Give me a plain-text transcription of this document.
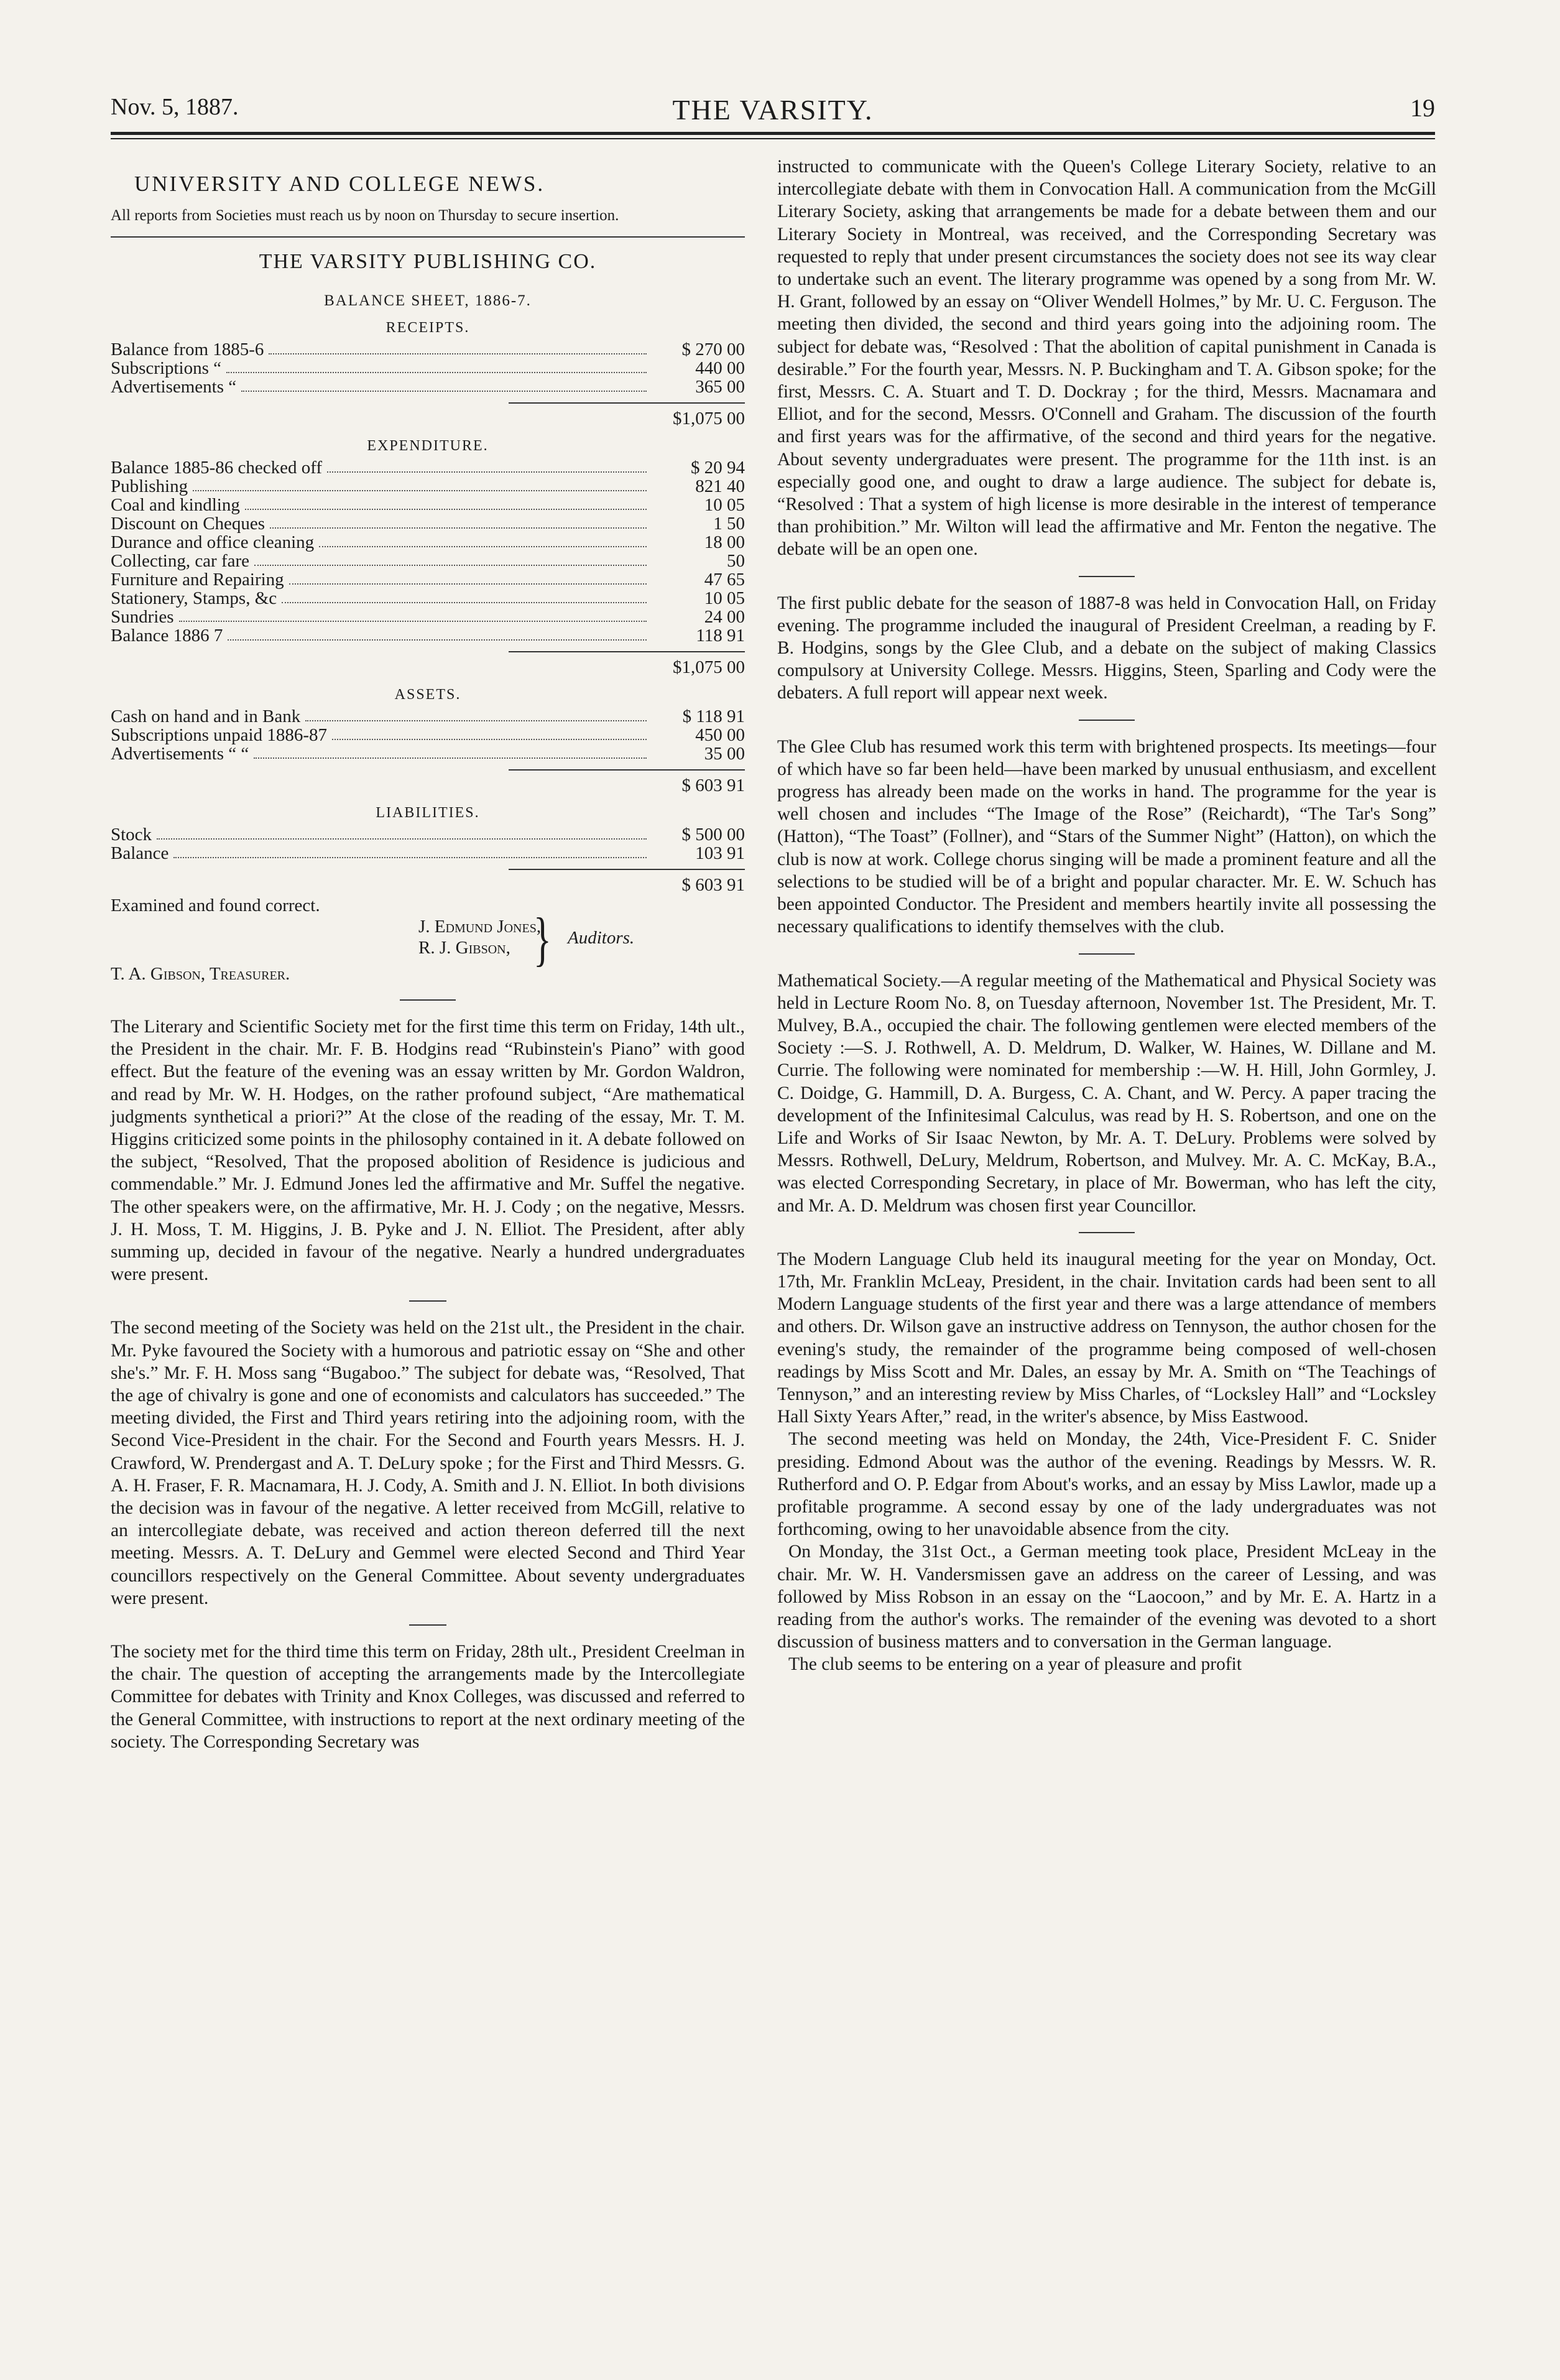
Nov. 5, 1887.	THE VARSITY.	19
UNIVERSITY AND COLLEGE NEWS.

All reports from Societies must reach us by noon on Thursday to secure insertion.

THE VARSITY PUBLISHING CO.
BALANCE SHEET, 1886-7.
RECEIPTS.
Balance from 1885-6	$ 270 00
Subscriptions “	440 00
Advertisements “	365 00
$1,075 00
EXPENDITURE.
Balance 1885-86 checked off	$ 20 94
Publishing	821 40
Coal and kindling	10 05
Discount on Cheques	1 50
Durance and office cleaning	18 00
Collecting, car fare	50
Furniture and Repairing	47 65
Stationery, Stamps, &c	10 05
Sundries	24 00
Balance 1886 7	118 91
$1,075 00
ASSETS.
Cash on hand and in Bank	$ 118 91
Subscriptions unpaid 1886-87	450 00
Advertisements “ “	35 00
$ 603 91
LIABILITIES.
Stock	$ 500 00
Balance	103 91
$ 603 91
Examined and found correct.
J. Edmund Jones,
R. J. Gibson, } Auditors.
T. A. Gibson, Treasurer.

The Literary and Scientific Society met for the first time this term on Friday, 14th ult., the President in the chair. Mr. F. B. Hodgins read “Rubinstein's Piano” with good effect. But the feature of the evening was an essay written by Mr. Gordon Waldron, and read by Mr. W. H. Hodges, on the rather profound subject, “Are mathematical judgments synthetical a priori?” At the close of the reading of the essay, Mr. T. M. Higgins criticized some points in the philosophy contained in it. A debate followed on the subject, “Resolved, That the proposed abolition of Residence is judicious and commendable.” Mr. J. Edmund Jones led the affirmative and Mr. Suffel the negative. The other speakers were, on the affirmative, Mr. H. J. Cody ; on the negative, Messrs. J. H. Moss, T. M. Higgins, J. B. Pyke and J. N. Elliot. The President, after ably summing up, decided in favour of the negative. Nearly a hundred undergraduates were present.

The second meeting of the Society was held on the 21st ult., the President in the chair. Mr. Pyke favoured the Society with a humorous and patriotic essay on “She and other she's.” Mr. F. H. Moss sang “Bugaboo.” The subject for debate was, “Resolved, That the age of chivalry is gone and one of economists and calculators has succeeded.” The meeting divided, the First and Third years retiring into the adjoining room, with the Second Vice-President in the chair. For the Second and Fourth years Messrs. H. J. Crawford, W. Prendergast and A. T. DeLury spoke ; for the First and Third Messrs. G. A. H. Fraser, F. R. Macnamara, H. J. Cody, A. Smith and J. N. Elliot. In both divisions the decision was in favour of the negative. A letter received from McGill, relative to an intercollegiate debate, was received and action thereon deferred till the next meeting. Messrs. A. T. DeLury and Gemmel were elected Second and Third Year councillors respectively on the General Committee. About seventy undergraduates were present.

The society met for the third time this term on Friday, 28th ult., President Creelman in the chair. The question of accepting the arrangements made by the Intercollegiate Committee for debates with Trinity and Knox Colleges, was discussed and referred to the General Committee, with instructions to report at the next ordinary meeting of the society. The Corresponding Secretary was

instructed to communicate with the Queen's College Literary Society, relative to an intercollegiate debate with them in Convocation Hall. A communication from the McGill Literary Society, asking that arrangements be made for a debate between them and our Literary Society in Montreal, was received, and the Corresponding Secretary was requested to reply that under present circumstances the society does not see its way clear to undertake such an event. The literary programme was opened by a song from Mr. W. H. Grant, followed by an essay on “Oliver Wendell Holmes,” by Mr. U. C. Ferguson. The meeting then divided, the second and third years going into the adjoining room. The subject for debate was, “Resolved : That the abolition of capital punishment in Canada is desirable.” For the fourth year, Messrs. N. P. Buckingham and T. A. Gibson spoke; for the first, Messrs. C. A. Stuart and T. D. Dockray ; for the third, Messrs. Macnamara and Elliot, and for the second, Messrs. O'Connell and Graham. The discussion of the fourth and first years was for the affirmative, of the second and third years for the negative. About seventy undergraduates were present. The programme for the 11th inst. is an especially good one, and ought to draw a large audience. The subject for debate is, “Resolved : That a system of high license is more desirable in the interest of temperance than prohibition.” Mr. Wilton will lead the affirmative and Mr. Fenton the negative. The debate will be an open one.

The first public debate for the season of 1887-8 was held in Convocation Hall, on Friday evening. The programme included the inaugural of President Creelman, a reading by F. B. Hodgins, songs by the Glee Club, and a debate on the subject of making Classics compulsory at University College. Messrs. Higgins, Steen, Sparling and Cody were the debaters. A full report will appear next week.

The Glee Club has resumed work this term with brightened prospects. Its meetings—four of which have so far been held—have been marked by unusual enthusiasm, and excellent progress has already been made on the works in hand. The programme for the year is well chosen and includes “The Image of the Rose” (Reichardt), “The Tar's Song” (Hatton), “The Toast” (Follner), and “Stars of the Summer Night” (Hatton), on which the club is now at work. College chorus singing will be made a prominent feature and all the selections to be studied will be of a bright and popular character. Mr. E. W. Schuch has been appointed Conductor. The President and members heartily invite all possessing the necessary qualifications to identify themselves with the club.

Mathematical Society.—A regular meeting of the Mathematical and Physical Society was held in Lecture Room No. 8, on Tuesday afternoon, November 1st. The President, Mr. T. Mulvey, B.A., occupied the chair. The following gentlemen were elected members of the Society :—S. J. Rothwell, A. D. Meldrum, D. Walker, W. Haines, W. Dillane and M. Currie. The following were nominated for membership :—W. H. Hill, John Gormley, J. C. Doidge, G. Hammill, D. A. Burgess, C. A. Chant, and W. Percy. A paper tracing the development of the Infinitesimal Calculus, was read by H. S. Robertson, and one on the Life and Works of Sir Isaac Newton, by Mr. A. T. DeLury. Problems were solved by Messrs. Rothwell, DeLury, Meldrum, Robertson, and Mulvey. Mr. A. C. McKay, B.A., was elected Corresponding Secretary, in place of Mr. Bowerman, who has left the city, and Mr. A. D. Meldrum was chosen first year Councillor.

The Modern Language Club held its inaugural meeting for the year on Monday, Oct. 17th, Mr. Franklin McLeay, President, in the chair. Invitation cards had been sent to all Modern Language students of the first year and there was a large attendance of members and others. Dr. Wilson gave an instructive address on Tennyson, the author chosen for the evening's study, the remainder of the programme being composed of well-chosen readings by Miss Scott and Mr. Dales, an essay by Mr. A. Smith on “The Teachings of Tennyson,” and an interesting review by Miss Charles, of “Locksley Hall” and “Locksley Hall Sixty Years After,” read, in the writer's absence, by Miss Eastwood.

The second meeting was held on Monday, the 24th, Vice-President F. C. Snider presiding. Edmond About was the author of the evening. Readings by Messrs. W. R. Rutherford and O. P. Edgar from About's works, and an essay by Miss Lawlor, made up a profitable programme. A second essay by one of the lady undergraduates was not forthcoming, owing to her unavoidable absence from the city.

On Monday, the 31st Oct., a German meeting took place, President McLeay in the chair. Mr. W. H. Vandersmissen gave an address on the career of Lessing, and was followed by Miss Robson in an essay on the “Laocoon,” and by Mr. E. A. Hartz in a reading from the author's works. The remainder of the evening was devoted to a short discussion of business matters and to conversation in the German language.

The club seems to be entering on a year of pleasure and profit
